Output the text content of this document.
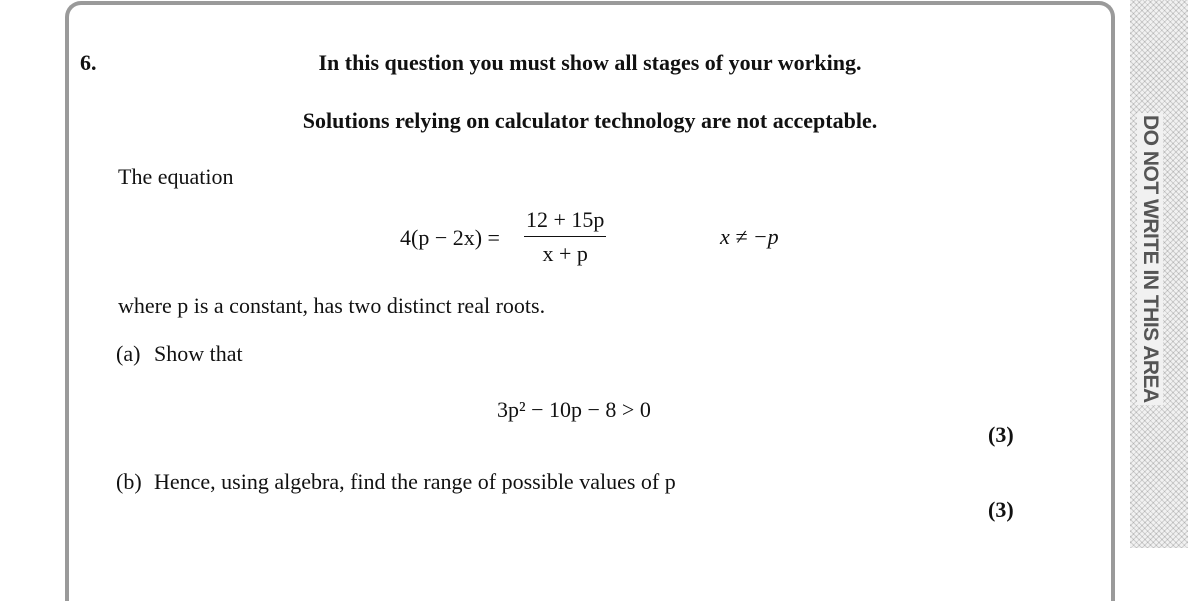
DO NOT WRITE IN THIS AREA
6.	In this question you must show all stages of your working.
Solutions relying on calculator technology are not acceptable.
The equation
$4(p - 2x) = \frac{12 + 15p}{x + p}$	x ≠ −p
where p is a constant, has two distinct real roots.
(a) Show that
3p² − 10p − 8 > 0
(3)
(b) Hence, using algebra, find the range of possible values of p
(3)
